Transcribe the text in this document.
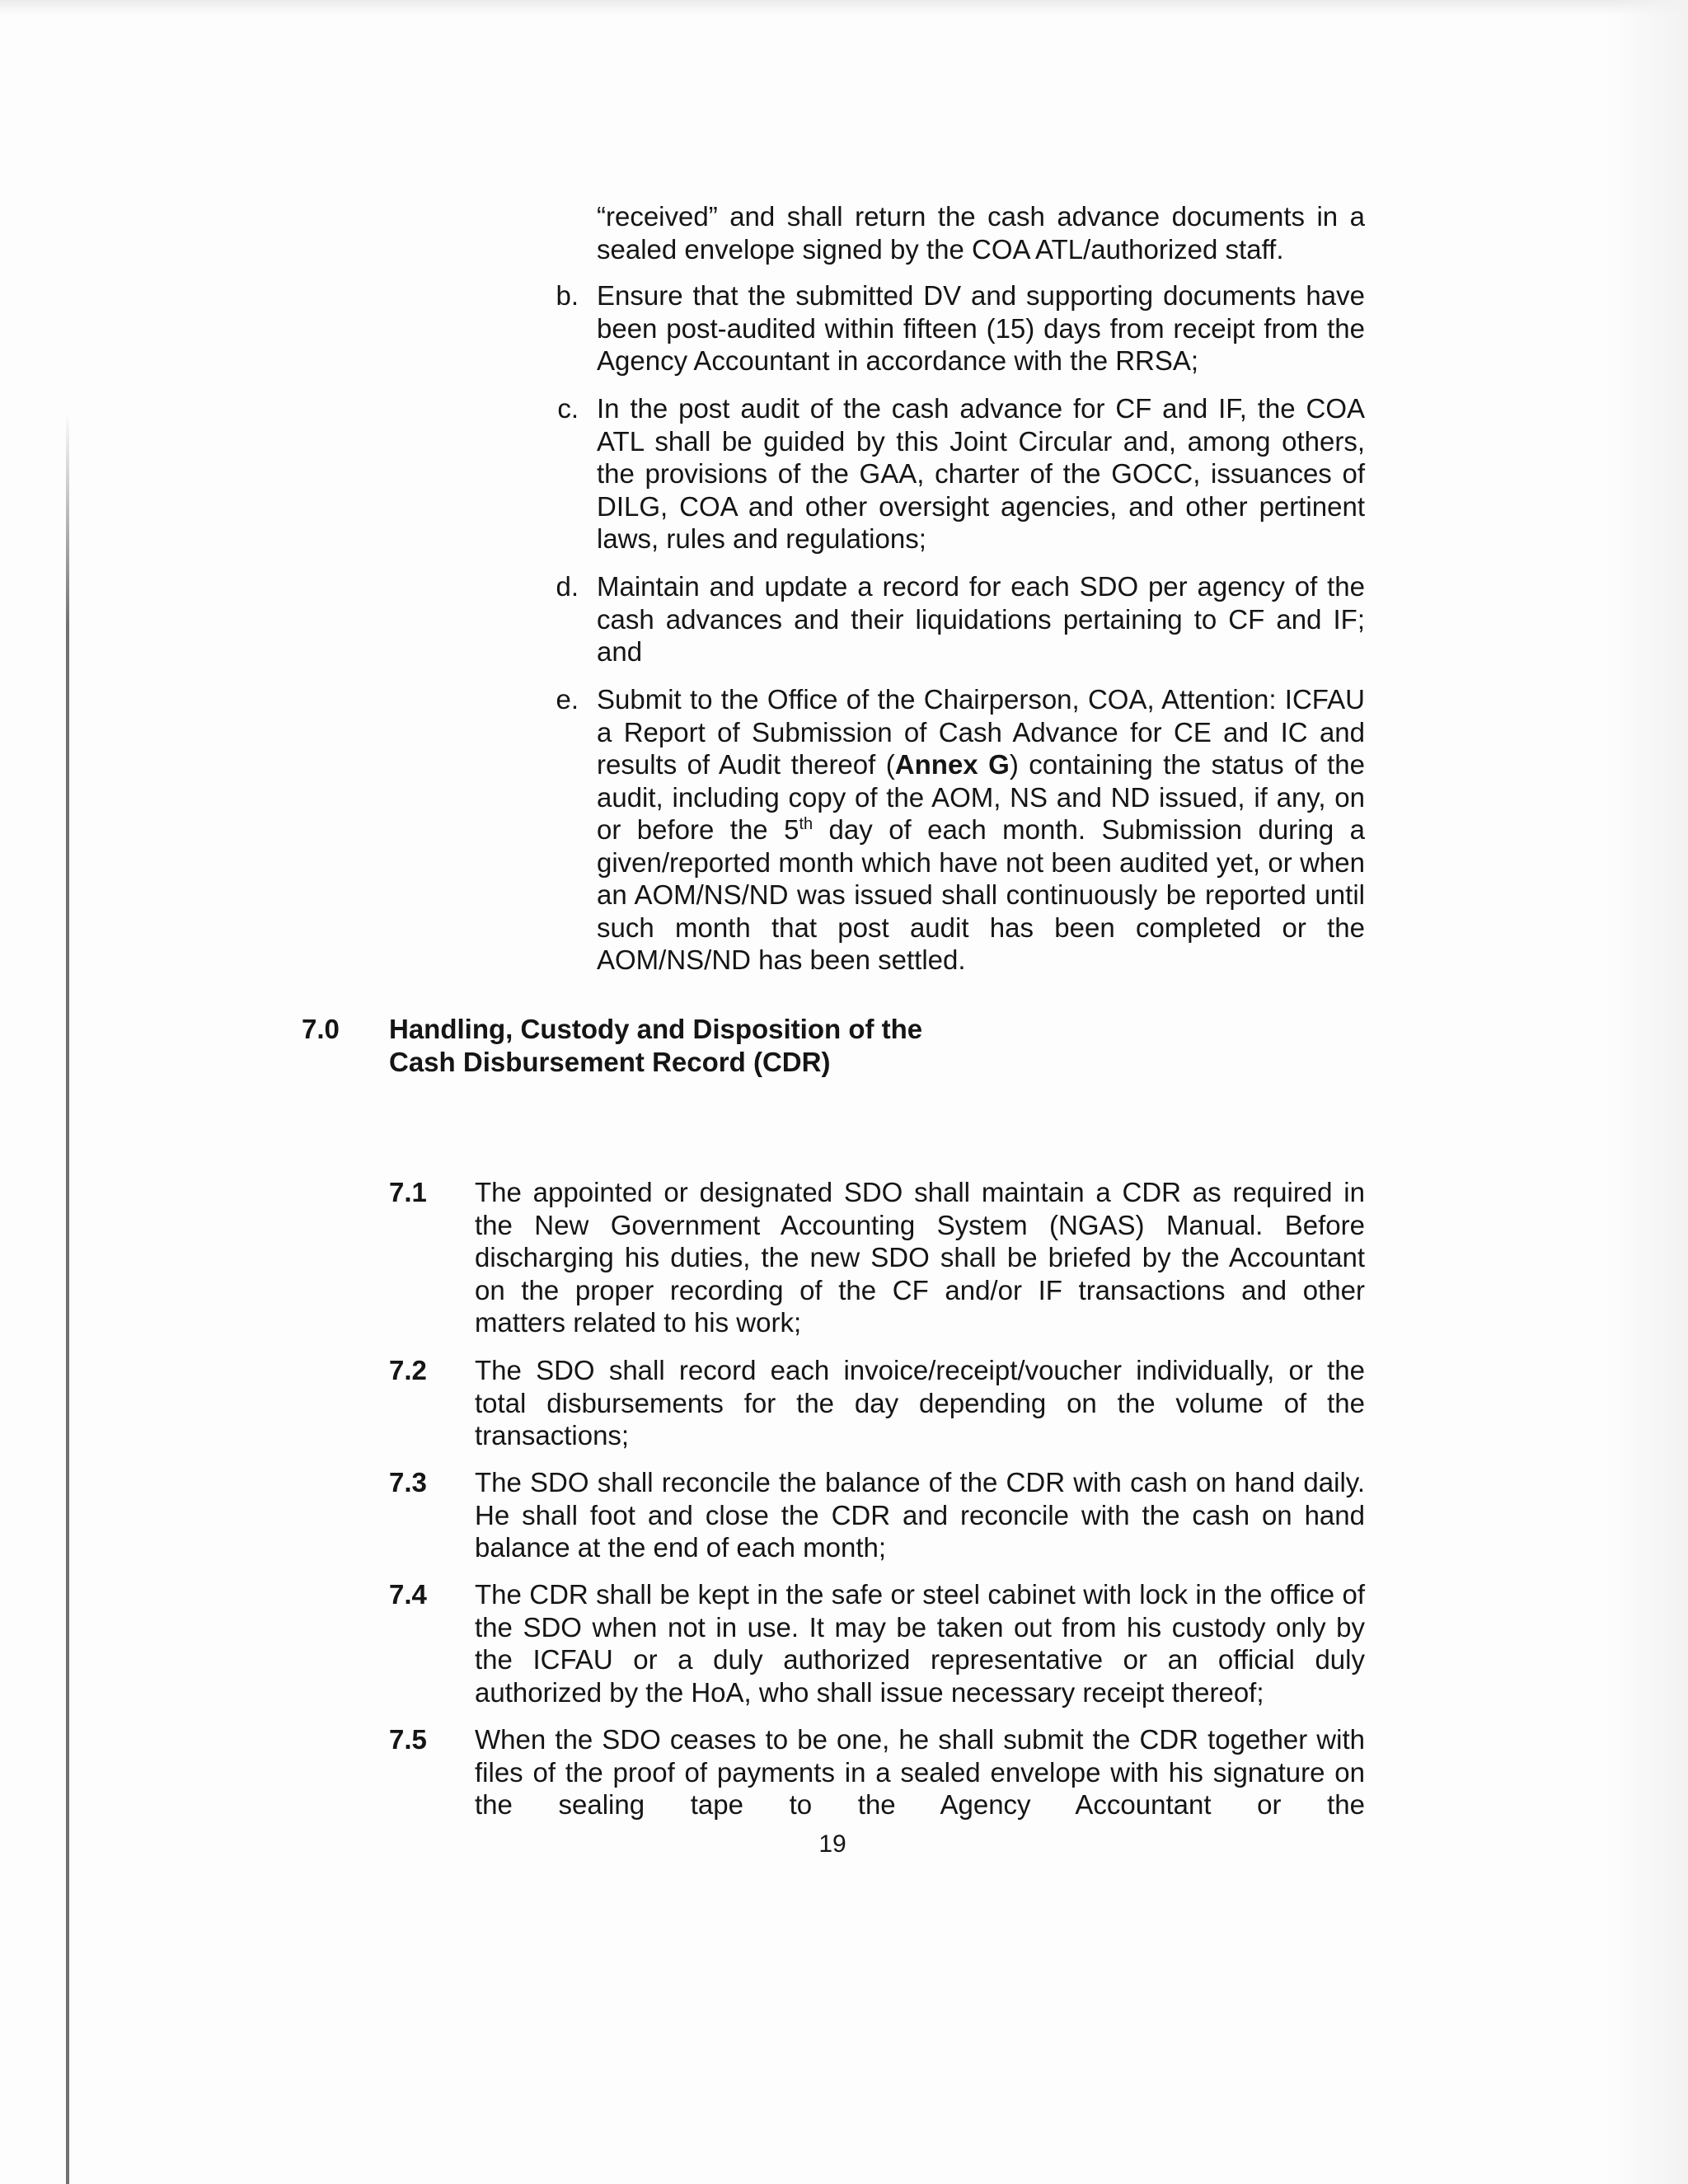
“received” and shall return the cash advance documents in a sealed envelope signed by the COA ATL/authorized staff.
b. Ensure that the submitted DV and supporting documents have been post-audited within fifteen (15) days from receipt from the Agency Accountant in accordance with the RRSA;
c. In the post audit of the cash advance for CF and IF, the COA ATL shall be guided by this Joint Circular and, among others, the provisions of the GAA, charter of the GOCC, issuances of DILG, COA and other oversight agencies, and other pertinent laws, rules and regulations;
d. Maintain and update a record for each SDO per agency of the cash advances and their liquidations pertaining to CF and IF; and
e. Submit to the Office of the Chairperson, COA, Attention: ICFAU a Report of Submission of Cash Advance for CE and IC and results of Audit thereof (Annex G) containing the status of the audit, including copy of the AOM, NS and ND issued, if any, on or before the 5th day of each month. Submission during a given/reported month which have not been audited yet, or when an AOM/NS/ND was issued shall continuously be reported until such month that post audit has been completed or the AOM/NS/ND has been settled.
7.0 Handling, Custody and Disposition of the
Cash Disbursement Record (CDR)
7.1 The appointed or designated SDO shall maintain a CDR as required in the New Government Accounting System (NGAS) Manual. Before discharging his duties, the new SDO shall be briefed by the Accountant on the proper recording of the CF and/or IF transactions and other matters related to his work;
7.2 The SDO shall record each invoice/receipt/voucher individually, or the total disbursements for the day depending on the volume of the transactions;
7.3 The SDO shall reconcile the balance of the CDR with cash on hand daily. He shall foot and close the CDR and reconcile with the cash on hand balance at the end of each month;
7.4 The CDR shall be kept in the safe or steel cabinet with lock in the office of the SDO when not in use. It may be taken out from his custody only by the ICFAU or a duly authorized representative or an official duly authorized by the HoA, who shall issue necessary receipt thereof;
7.5 When the SDO ceases to be one, he shall submit the CDR together with files of the proof of payments in a sealed envelope with his signature on the sealing tape to the Agency Accountant or the
19
